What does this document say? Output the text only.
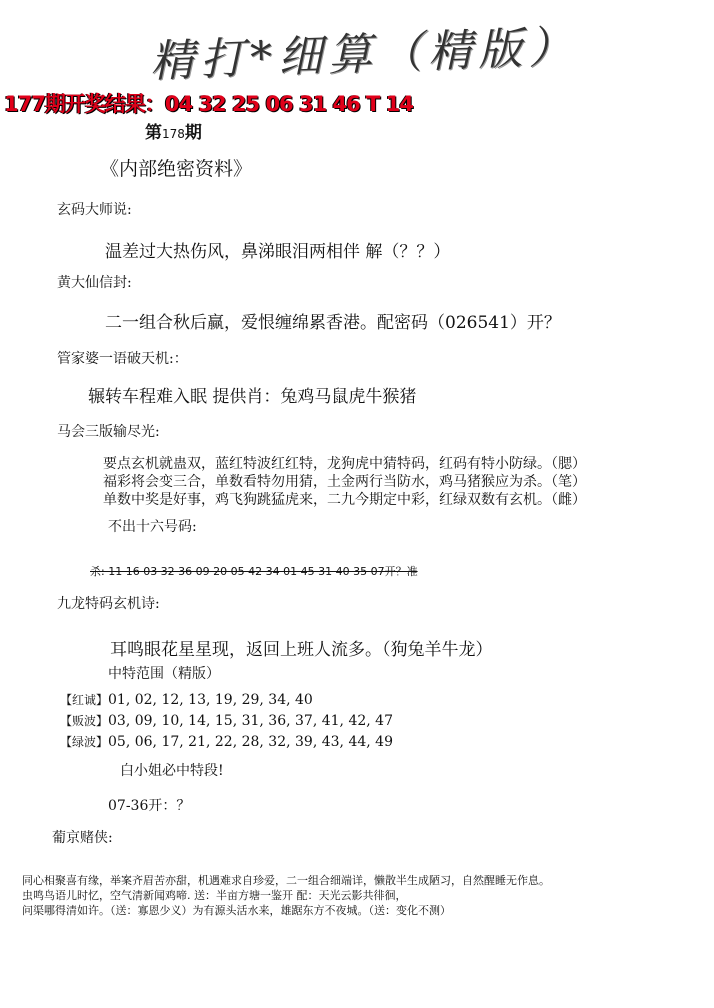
精打*细算（精版）
177期开奖结果：04 32 25 06 31 46 T 14
第178期
《内部绝密资料》
玄码大师说:
温差过大热伤风，鼻涕眼泪两相伴 解（？？）
黄大仙信封:
二一组合秋后赢，爱恨缠绵累香港。配密码（026541）开？
管家婆一语破天机:：
辗转车程难入眠 提供肖：兔鸡马鼠虎牛猴猪
马会三版输尽光:
要点玄机就蛊双，蓝红特波红红特，龙狗虎中猜特码，红码有特小防绿。（腮）
福彩将会变三合，单数看特勿用猜，土金两行当防水，鸡马猪猴应为杀。（笔）
单数中奖是好事，鸡飞狗跳猛虎来，二九今期定中彩，红绿双数有玄机。（雌）
不出十六号码:
杀: 11 16 03 32 36 09 20 05 42 34 01 45 31 40 35 07开？准
九龙特码玄机诗:
耳鸣眼花星星现，返回上班人流多。（狗兔羊牛龙）
中特范围（精版）
【红诚】01, 02, 12, 13, 19, 29, 34, 40
【贩波】03, 09, 10, 14, 15, 31, 36, 37, 41, 42, 47
【绿波】05, 06, 17, 21, 22, 28, 32, 39, 43, 44, 49
白小姐必中特段!
07-36开：？
葡京赌侠:
同心相聚喜有缘，举案齐眉苦亦甜，机遇难求自珍爱，二一组合细端详，懒散半生成陋习，自然醒睡无作息。
虫鸣鸟语儿时忆，空气清新闻鸡啼. 送：半亩方塘一鉴开 配：天光云影共徘徊，
问渠哪得清如许。（送：寡恩少义）为有源头活水来，雄踞东方不夜城。（送：变化不测）
